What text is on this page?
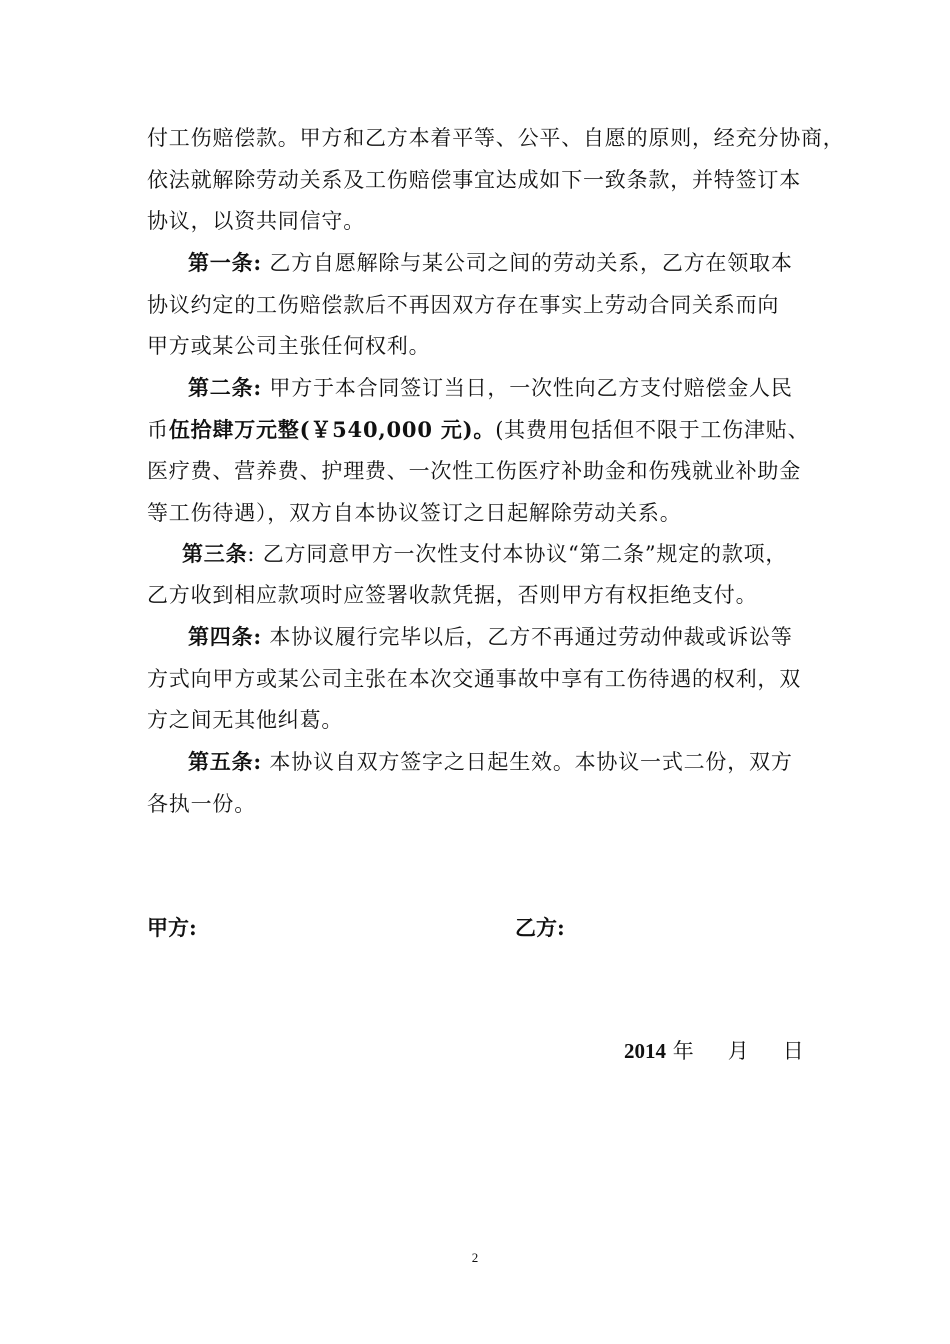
付工伤赔偿款。甲方和乙方本着平等、公平、自愿的原则，经充分协商，
依法就解除劳动关系及工伤赔偿事宜达成如下一致条款，并特签订本
协议，以资共同信守。
第一条: 乙方自愿解除与某公司之间的劳动关系，乙方在领取本
协议约定的工伤赔偿款后不再因双方存在事实上劳动合同关系而向
甲方或某公司主张任何权利。
第二条: 甲方于本合同签订当日，一次性向乙方支付赔偿金人民
币伍拾肆万元整(￥540,000 元)。(其费用包括但不限于工伤津贴、
医疗费、营养费、护理费、一次性工伤医疗补助金和伤残就业补助金
等工伤待遇），双方自本协议签订之日起解除劳动关系。
第三条: 乙方同意甲方一次性支付本协议“第二条”规定的款项，
乙方收到相应款项时应签署收款凭据，否则甲方有权拒绝支付。
第四条: 本协议履行完毕以后，乙方不再通过劳动仲裁或诉讼等
方式向甲方或某公司主张在本次交通事故中享有工伤待遇的权利，双
方之间无其他纠葛。
第五条: 本协议自双方签字之日起生效。本协议一式二份，双方
各执一份。
甲方:	乙方:
2014 年 月 日
2
